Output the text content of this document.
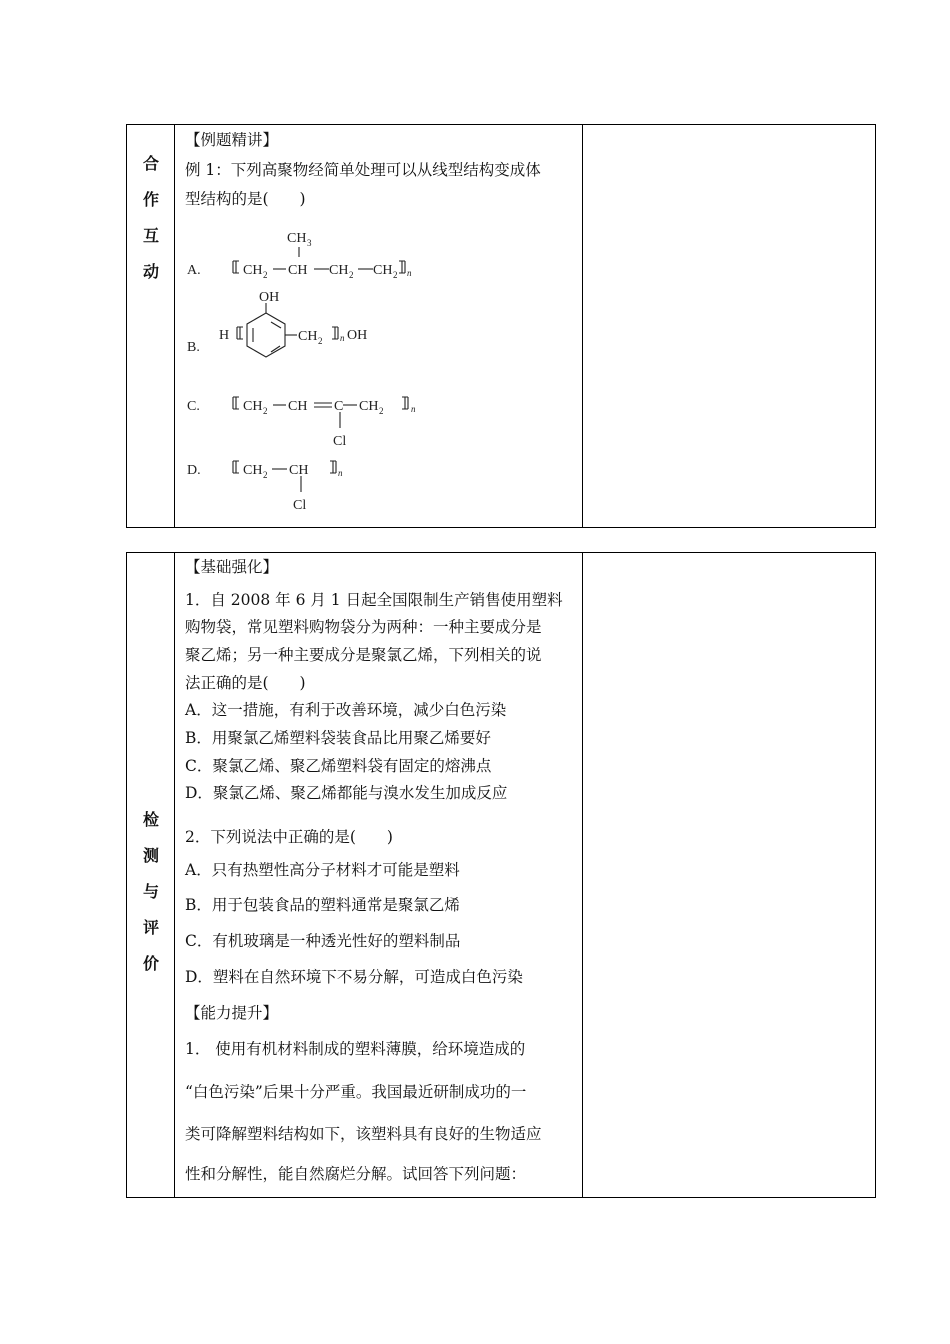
合
作
互
动
【例题精讲】
例 1：下列高聚物经简单处理可以从线型结构变成体
型结构的是(　　)
A.
CH 3
CH 2 CH CH 2 CH 2 n
B.
H
OH
CH 2 n OH
C.	CH 2 CH C CH 2	n
Cl
D.	CH 2 CH	n
Cl
检
测
与
评
价
【基础强化】
1．自 2008 年 6 月 1 日起全国限制生产销售使用塑料
购物袋，常见塑料购物袋分为两种：一种主要成分是
聚乙烯；另一种主要成分是聚氯乙烯，下列相关的说
法正确的是(　　)
A．这一措施，有利于改善环境，减少白色污染
B．用聚氯乙烯塑料袋装食品比用聚乙烯要好
C．聚氯乙烯、聚乙烯塑料袋有固定的熔沸点
D．聚氯乙烯、聚乙烯都能与溴水发生加成反应
2．下列说法中正确的是(　　)
A．只有热塑性高分子材料才可能是塑料
B．用于包装食品的塑料通常是聚氯乙烯
C．有机玻璃是一种透光性好的塑料制品
D．塑料在自然环境下不易分解，可造成白色污染
【能力提升】
1． 使用有机材料制成的塑料薄膜，给环境造成的
“白色污染”后果十分严重。我国最近研制成功的一
类可降解塑料结构如下，该塑料具有良好的生物适应
性和分解性，能自然腐烂分解。试回答下列问题：
